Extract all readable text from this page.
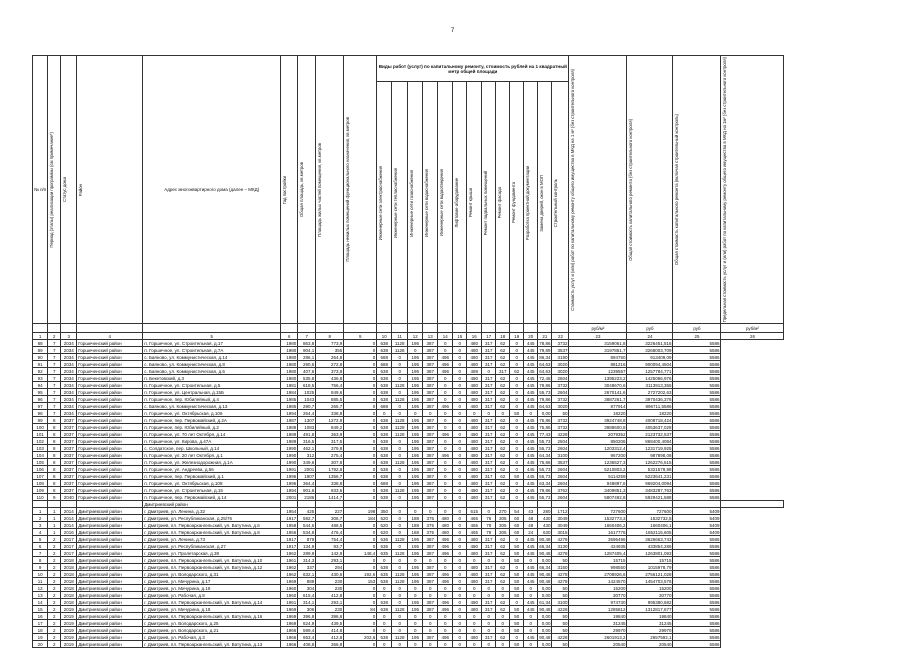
7
№ п/п	Период (этапы) реализации программы (см примечание*)	Статус дома	Район	Адрес многоквартирного дома (далее – МКД)	Год постройки	Общая площадь, кв.метров	Площадь жилых частей помещения, кв.метров	Площадь нежилых помещений функционального назначения, кв.метров	Виды работ (услуг) по капитальному ремонту, стоимость рублей на 1 квадратный метр общей площади													Стоимость услуг и (или) работ по капитальному ремонту общего имущества в МКД на 1 м² (без строительного контроля)	Общая стоимость капитального ремонта (без строительного контроля)	Общая стоимость капитального ремонта (включая строительный контроль)	Предельная стоимость услуг и (или) работ по капитальному ремонту общего имущества в МКД на 1м² (без строительного контроля)

									Инженерные сети электроснабжения	Инженерные сети теплоснабжения	Инженерные сети газоснабжения	Инженерные сети водоснабжения	Инженерные сети водоотведения	Лифтовое оборудование	Ремонт крыши	Ремонт подвальных помещений	Ремонт фасада	Ремонт фундамента	Разработка проектной документации	Замена дверей, окон в МОП	Строительный контроль				

																						руб/м²	руб	руб	руб/м²
1	2	3	4	5	6	7	8	9	10	11	12	13	14	15	16	17	18	19	20	21	22	23	24	25	26
88	7	2034	Горшеченский район	п. Горшечное, ул. Строительная, д.17	1980	863,8	773,9	0	638	1128	195	387	0	0	480	317	62	0	445	78,86	3732	3159061,8	3226451,516	5586	
89	7	2034	Горшеченский район	п. Горшечное, ул. Строительная, д.7А	1980	904,1	355	0	638	1128	0	387	0	0	480	317	62	0	445	79,89	3537	3197851,7	3268003,709	5586	
90	7	2034	Горшеченский район	с. Баяново, ул. Коммунистическая, д.14	1980	286,1	264,8	0	688	0	195	387	496	0	480	317	62	0	445	86,34	3190	894750	913409,09	5586	
91	7	2034	Горшеченский район	с. Баяново, ул. Коммунистическая, д.8	1980	290,6	272,8	0	688	0	195	387	496	0	480	317	62	0	445	64,63	3020	881216	900094,4504	5586	
92	7	2034	Горшеченский район	с. Баяново, ул. Коммунистическая, д.6	1980	407,6	373,8	0	638	0	195	387	496	0	489	0	317	62	445	64,63	3020	1239557	1257784,771	5586	
93	7	2034	Горшеченский район	п. Бекетовский, д.3	1980	535,8	436,8	0	638	0	195	387	0	0	480	317	62	0	445	72,48	2604	1395223,2	1425066,976	5586	
94	7	2034	Горшеченский район	п. Горшечное, ул. Строительная, д.5	1981	618,5	756,4	0	638	1128	195	387	0	0	480	317	62	0	445	79,86	3732	3048670,6	3113913,355	5586	
95	7	2034	Горшеченский район	п. Горшечное, ул. Центральная, д.15Б	1984	1025	849,6	0	638	0	195	387	0	0	480	317	62	0	445	55,73	2604	2670141,6	2727202,63	5586	
96	7	2034	Горшеченский район	п. Горшечное, пер. Юбилейный, д.4	1985	1043	885,5	0	638	1128	195	387	0	0	480	317	62	0	445	79,86	3732	3887261,7	3970436,376	5586	
97	7	2034	Горшеченский район	с. Баяново, ул. Коммунистическая, д.13	1985	290,7	265,7	0	688	0	195	387	496	0	480	317	62	0	445	64,63	3020	877914	896711,5586	5586	
98	7	2034	Горшеченский район	п. Горшечное, ул. Октябрьская, д.106	1994	264,4	338,8	0	0	0	0	0	0	0	0	0	0	50	0	0,00	50	18220	18220	5586	
99	8	2037	Горшеченский район	п. Горшечное, пер. Первомайский, д.2А	1987	1307	1272,9	0	638	1128	195	387	0	0	480	317	62	0	445	75,86	3732	3924748,8	4008718,424	5586	
100	8	2037	Горшеченский район	п. Горшечное, пер. Юбилейный, д.2	1988	1083	849,2	0	638	1128	195	387	0	0	480	317	62	0	445	75,86	3732	3988600,8	4053637,028	5586	
101	8	2037	Горшеченский район	п. Горшечное, ул. 70 лет Октября, д.14	1989	491,8	363,9	0	638	1128	195	387	496	0	480	317	62	0	445	77,43	4228	2079352	2123732,537	5586	
102	8	2037	Горшеченский район	п. Горшечное, ул. Кирова, д.47А	1989	316,5	317,5	0	638	0	195	387	0	0	480	317	62	0	445	55,73	2604	850206	868400,4084	5586	
103	8	2037	Горшеченский район	с. Солдатское, пер. Школьный, д.14	1990	462,1	379,8	0	638	0	195	387	0	0	480	317	62	0	445	55,73	2604	1203312,4	1231719,925	5586	
104	8	2037	Горшеченский район	п. Горшечное, ул. 20 лет Октября, д.1	1990	312	275,4	0	638	0	195	387	496	0	480	317	62	0	445	64,34	3100	967200	987898,08	5586	
105	8	2037	Горшеченский район	п. Горшечное, ул. Железнодорожная, д.1А	1990	349,6	307,8	0	638	1128	195	387	0	0	480	317	62	0	445	75,86	3537	1236527,3	1262276,515	5586	
106	8	2037	Горшеченский район	п. Горшечное, ул. Андреева, д.56	1991	2001	1792,8	0	638	0	195	387	0	0	480	317	62	0	445	55,73	2604	5210803,2	5321578,98	5586	
107	8	2037	Горшеченский район	п. Горшечное, пер. Первомайский, д.1	1996	1907	1356,7	0	638	0	195	387	0	0	480	317	62	50	445	55,73	2604	5114259	5223641,231	5586	
108	8	2037	Горшеченский район	п. Горшечное, ул. Октябрьская, д.108	1996	364,4	338,8	0	688	0	195	387	0	0	480	317	62	0	445	63,34	2604	948897,6	969204,0094	5586	
109	8	2037	Горшеченский район	п. Горшечное, ул. Строительная, д.15	1994	901,6	833,6	0	638	1128	195	387	0	0	480	317	62	0	445	79,86	3762	3409851,3	3483287,763	5586	
110	9	2040	Горшеченский район	п. Горшечное, пер. Первомайский, д.14	2001	2186	1414,7	0	638	0	195	387	0	0	480	317	62	0	445	55,73	2604	5807492,8	5929421,588	5586	
				Дмитриевский район																					
1	1	2014	Дмитриевский район	г. Дмитриев, ул. Ленина, д.32	1954	425	227	198	350	0	0	0	0	0	615	0	270	54	43	280	1712	727600	727600	5409	
2	1	2014	Дмитриевский район	г. Дмитриев, ул. Республиканская, д.25/76	1917	582,7	306,7	184	620	0	188	375	480	0	465	76	305	60	48	430	3049	1532773,3	1532732,5	5409	
3	1	2014	Дмитриевский район	г. Дмитриев, пл. Первоархангельский, ул. Ватутина, д.6	1958	544,6	488,5	0	620	0	188	375	480	0	465	78	305	60	48	430	3049	1660406,2	1660406,1	5409	
4	1	2016	Дмитриевский район	г. Дмитриев, пл. Первоархангельский, ул. Ватутина, д.8	1956	534,8	476,4	0	620	0	188	375	480	0	465	78	305	60	24	630	3015	1617776	1652115,605	5409	
5	2	2017	Дмитриевский район	г. Дмитриев, ул. Ленина, д.73	1917	879	754,4	0	636	1128	195	387	496	0	480	317	62	0	445	90,48	4278	3596496	3626663,743	5586	
6	2	2017	Дмитриевский район	г. Дмитриев, ул. Республиканская, д.27	1917	134,9	93,7	0	635	0	195	387	496	0	480	317	62	50	445	66,34	3130	424935	433854,286	5586	
7	2	2017	Дмитриевский район	г. Дмитриев, ул. Пролетарская, д.38	1962	289,9	142,9	148,4	635	1128	195	387	496	0	480	317	62	50	445	90,48	4278	1287405,4	1263801,093	5586	
8	2	2018	Дмитриевский район	г. Дмитриев, пл. Первоархангельский, ул. Ватутина, д.10	1961	314,3	293,1	0	0	0	0	0	0	0	0	0	0	50	0	0,00	50	15715	15715	5586	
9	2	2018	Дмитриевский район	г. Дмитриев, пл. Первоархангельский, ул. Ватутина, д.12	1962	337	294	0	638	0	195	387	0	0	480	317	62	0	445	66,34	3150	998550	1015978,79	5586	
10	2	2018	Дмитриевский район	г. Дмитриев, ул. Володарского, д.31	1962	632,1	430,6	192,6	635	1128	195	387	496	0	480	317	62	50	445	90,48	4278	2708926,6	2756121,028	5586	
11	2	2018	Дмитриевский район	г. Дмитриев, ул. Мичурина, д.17	1969	889	230	153	638	1128	195	387	496	0	480	317	62	50	445	90,48	4278	1424570	1454703,576	5586	
12	2	2018	Дмитриевский район	г. Дмитриев, ул. Мичурина, д.19	1960	304	230	0	0	0	0	0	0	0	0	0	0	50	0	0,00	50	15200	15200	5586	
13	2	2018	Дмитриевский район	г. Дмитриев, ул. Рабочая, д.8	1960	615,4	412,8	0	0	0	0	0	0	0	0	0	0	50	0	0,00	50	30770	30770	5586	
14	2	2018	Дмитриевский район	г. Дмитриев, пл. Первоархангельский, ул. Ватутина, д.14	1961	314,1	293,1	0	638	0	195	387	496	0	480	317	62	0	445	61,34	3100	974730	995380,682	5586	
15	2	2019	Дмитриевский район	г. Дмитриев, ул. Мичурина, д.18	1969	306	230	84	638	1128	195	387	496	0	480	317	62	50	445	90,48	4228	1285812	1312817,677	5586	
16	2	2019	Дмитриевский район	г. Дмитриев, пл. Первоархангельский, ул. Ватутина, д.16	1969	396,8	396,8	0	0	0	0	0	0	0	0	0	0	50	0	0,00	50	19840	19840	5586	
17	2	2019	Дмитриевский район	г. Дмитриев, ул. Володарского, д.25	1969	624,9	439,5	0	0	0	0	0	0	0	0	0	0	50	0	0,00	50	31245	31245	5586	
18	2	2019	Дмитриевский район	г. Дмитриев, ул. Володарского, д.21	1966	599,4	414,8	0	0	0	0	0	0	0	0	0	0	50	0	0,00	50	29970	29970	5586	
19	2	2019	Дмитриевский район	г. Дмитриев, ул. Рабочая, д.3	1966	653,4	412,8	202,6	638	1128	195	387	496	0	480	317	62	0	445	90,48	4228	2601913,2	2657592,1	5586	
20	2	2019	Дмитриевский район	г. Дмитриев, пл. Первоархангельский, ул. Ватутина, д.13	1966	408,8	366,8	0	0	0	0	0	0	0	0	0	0	50	0	0,00	50	20540	20540	5586	
